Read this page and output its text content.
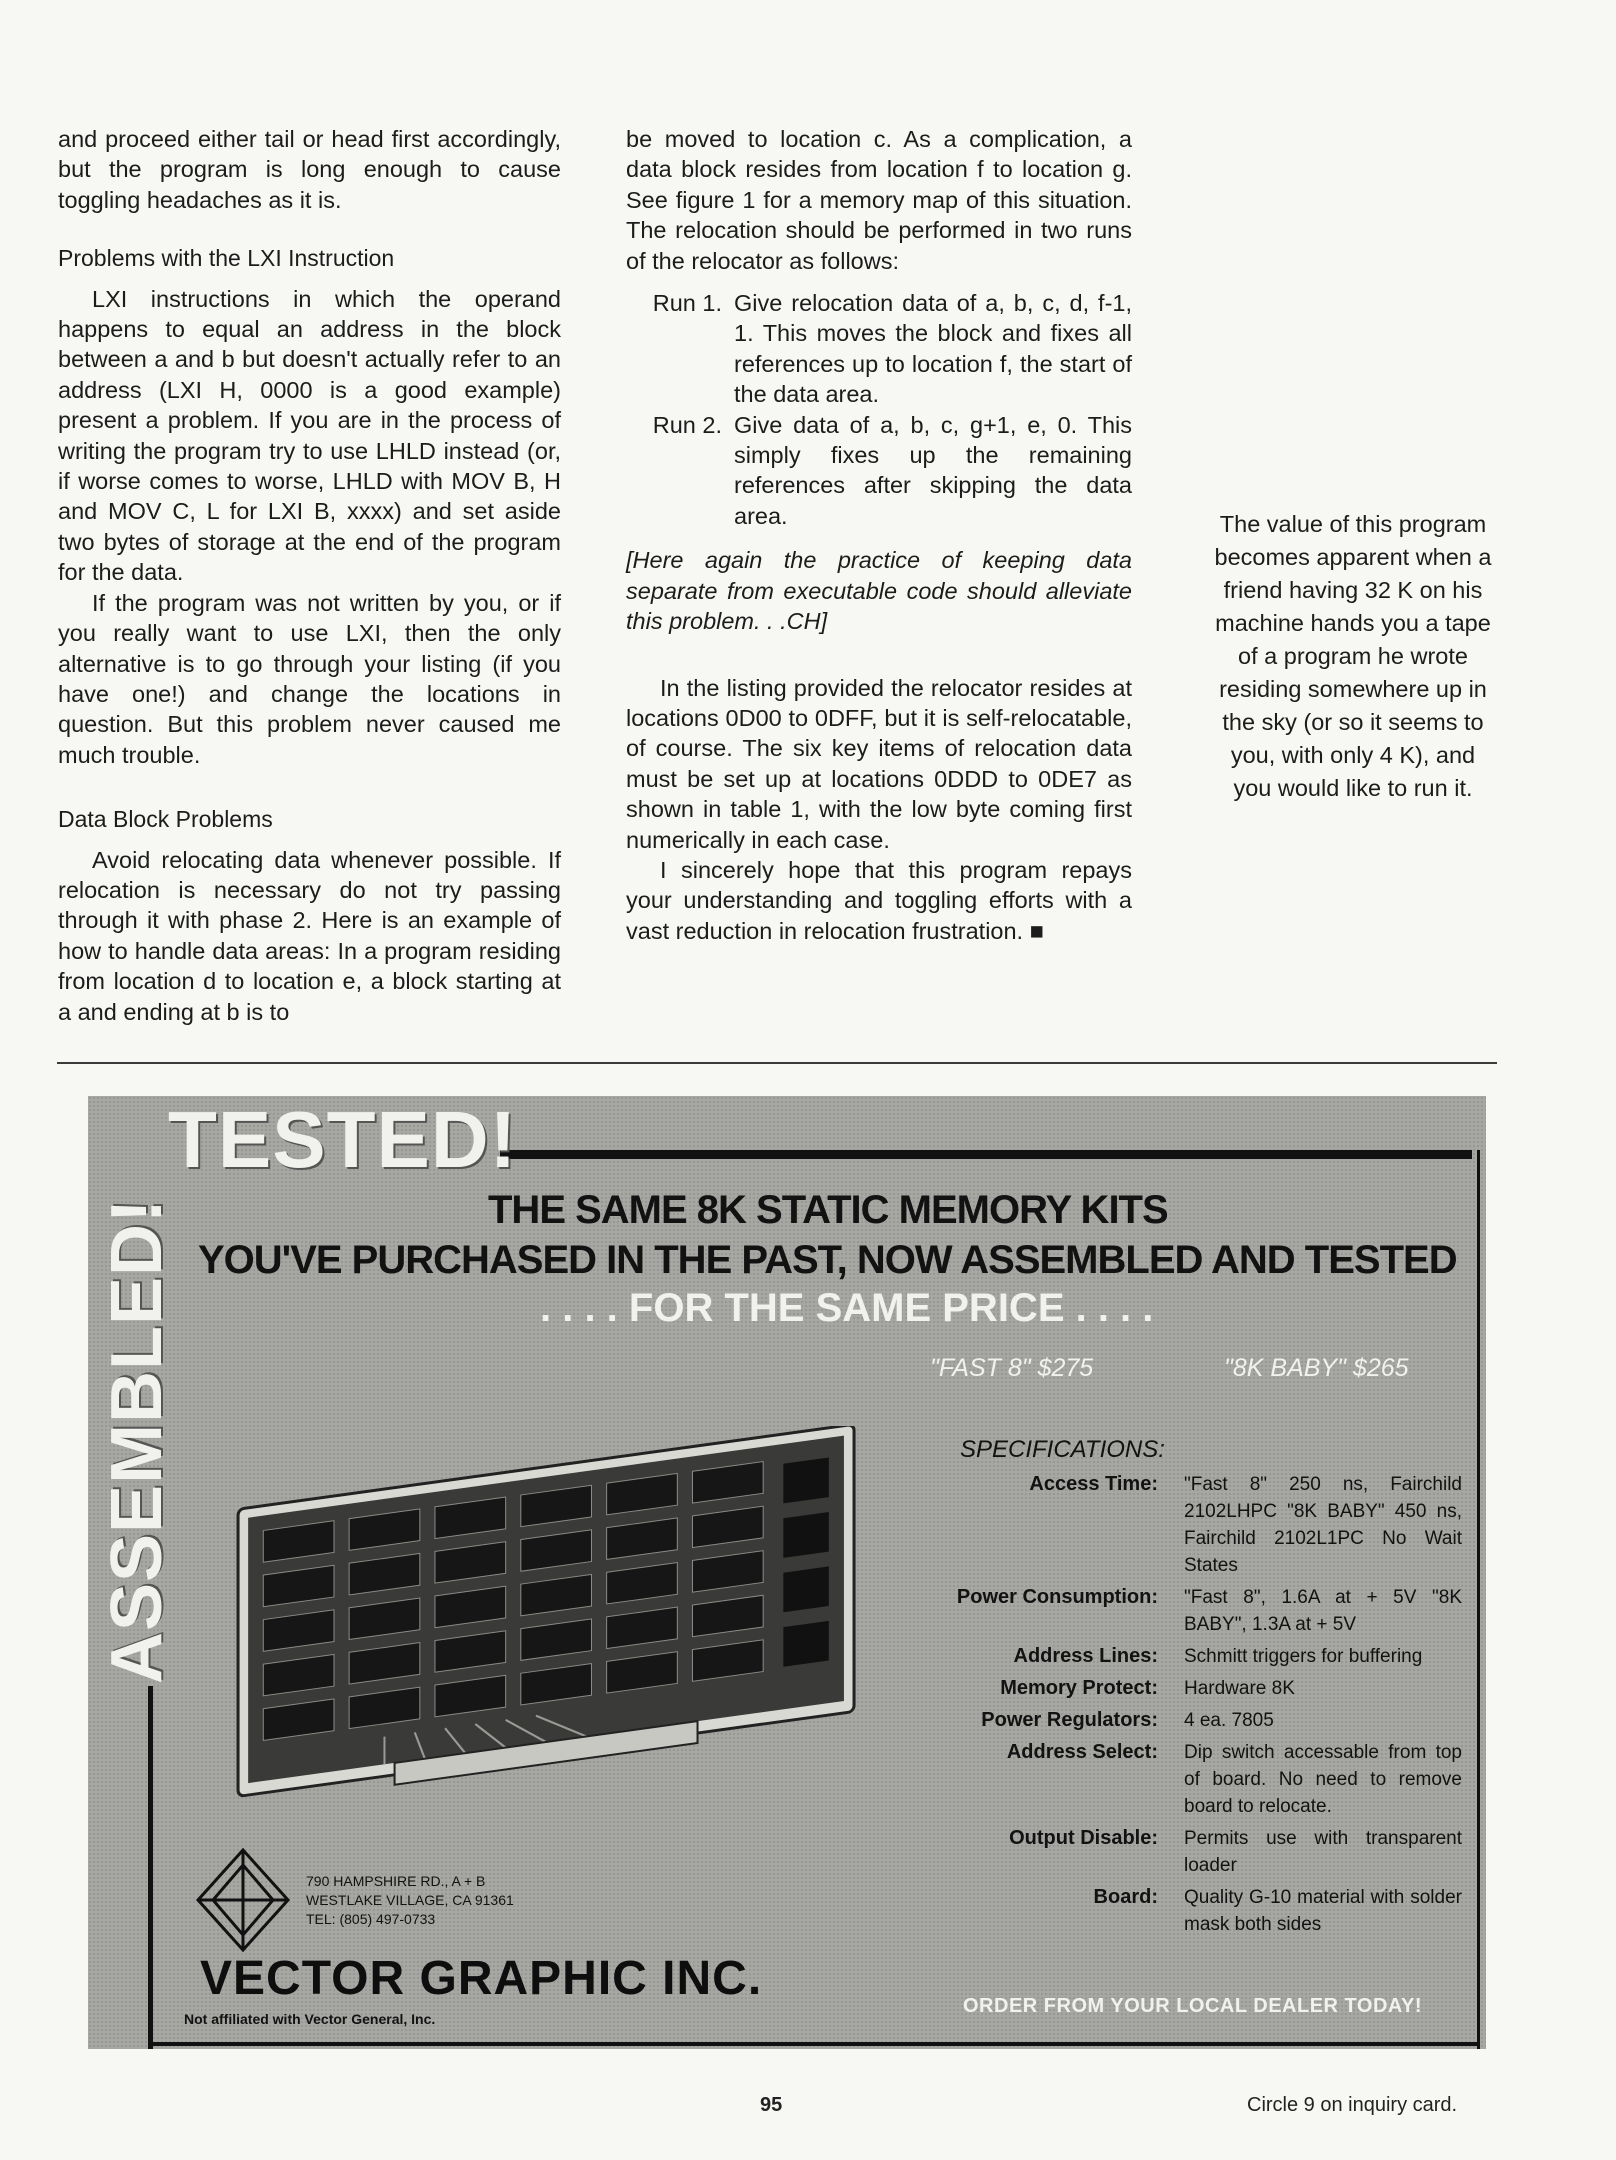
and proceed either tail or head first accordingly, but the program is long enough to cause toggling headaches as it is.

Problems with the LXI Instruction

LXI instructions in which the operand happens to equal an address in the block between a and b but doesn't actually refer to an address (LXI H, 0000 is a good example) present a problem. If you are in the process of writing the program try to use LHLD instead (or, if worse comes to worse, LHLD with MOV B, H and MOV C, L for LXI B, xxxx) and set aside two bytes of storage at the end of the program for the data.

If the program was not written by you, or if you really want to use LXI, then the only alternative is to go through your listing (if you have one!) and change the locations in question. But this problem never caused me much trouble.

Data Block Problems

Avoid relocating data whenever possible. If relocation is necessary do not try passing through it with phase 2. Here is an example of how to handle data areas: In a program residing from location d to location e, a block starting at a and ending at b is to

be moved to location c. As a complication, a data block resides from location f to location g. See figure 1 for a memory map of this situation. The relocation should be performed in two runs of the relocator as follows:

Run 1. Give relocation data of a, b, c, d, f-1, 1. This moves the block and fixes all references up to location f, the start of the data area.
Run 2. Give data of a, b, c, g+1, e, 0. This simply fixes up the remaining references after skipping the data area.

[Here again the practice of keeping data separate from executable code should alleviate this problem. . .CH]

In the listing provided the relocator resides at locations 0D00 to 0DFF, but it is self-relocatable, of course. The six key items of relocation data must be set up at locations 0DDD to 0DE7 as shown in table 1, with the low byte coming first numerically in each case.

I sincerely hope that this program repays your understanding and toggling efforts with a vast reduction in relocation frustration. ■

The value of this program

becomes apparent when a

friend having 32 K on his

machine hands you a tape

of a program he wrote

residing somewhere up in

the sky (or so it seems to

you, with only 4 K), and

you would like to run it.

TESTED!
ASSEMBLED!	THE SAME 8K STATIC MEMORY KITS
YOU'VE PURCHASED IN THE PAST, NOW ASSEMBLED AND TESTED
. . . . FOR THE SAME PRICE . . . .
"FAST 8" $275	"8K BABY" $265
SPECIFICATIONS:
Access Time:	"Fast 8" 250 ns, Fairchild 2102LHPC "8K BABY" 450 ns, Fairchild 2102L1PC No Wait States
Power Consumption:	"Fast 8", 1.6A at + 5V "8K BABY", 1.3A at + 5V
Address Lines:	Schmitt triggers for buffering
Memory Protect:	Hardware 8K
Power Regulators:	4 ea. 7805
Address Select:	Dip switch accessable from top of board. No need to remove board to relocate.
Output Disable:	Permits use with transparent loader
Board:	Quality G-10 material with solder mask both sides

790 HAMPSHIRE RD., A + B

WESTLAKE VILLAGE, CA 91361

TEL: (805) 497-0733

VECTOR GRAPHIC INC.
Not affiliated with Vector General, Inc.
ORDER FROM YOUR LOCAL DEALER TODAY!
95	Circle 9 on inquiry card.
